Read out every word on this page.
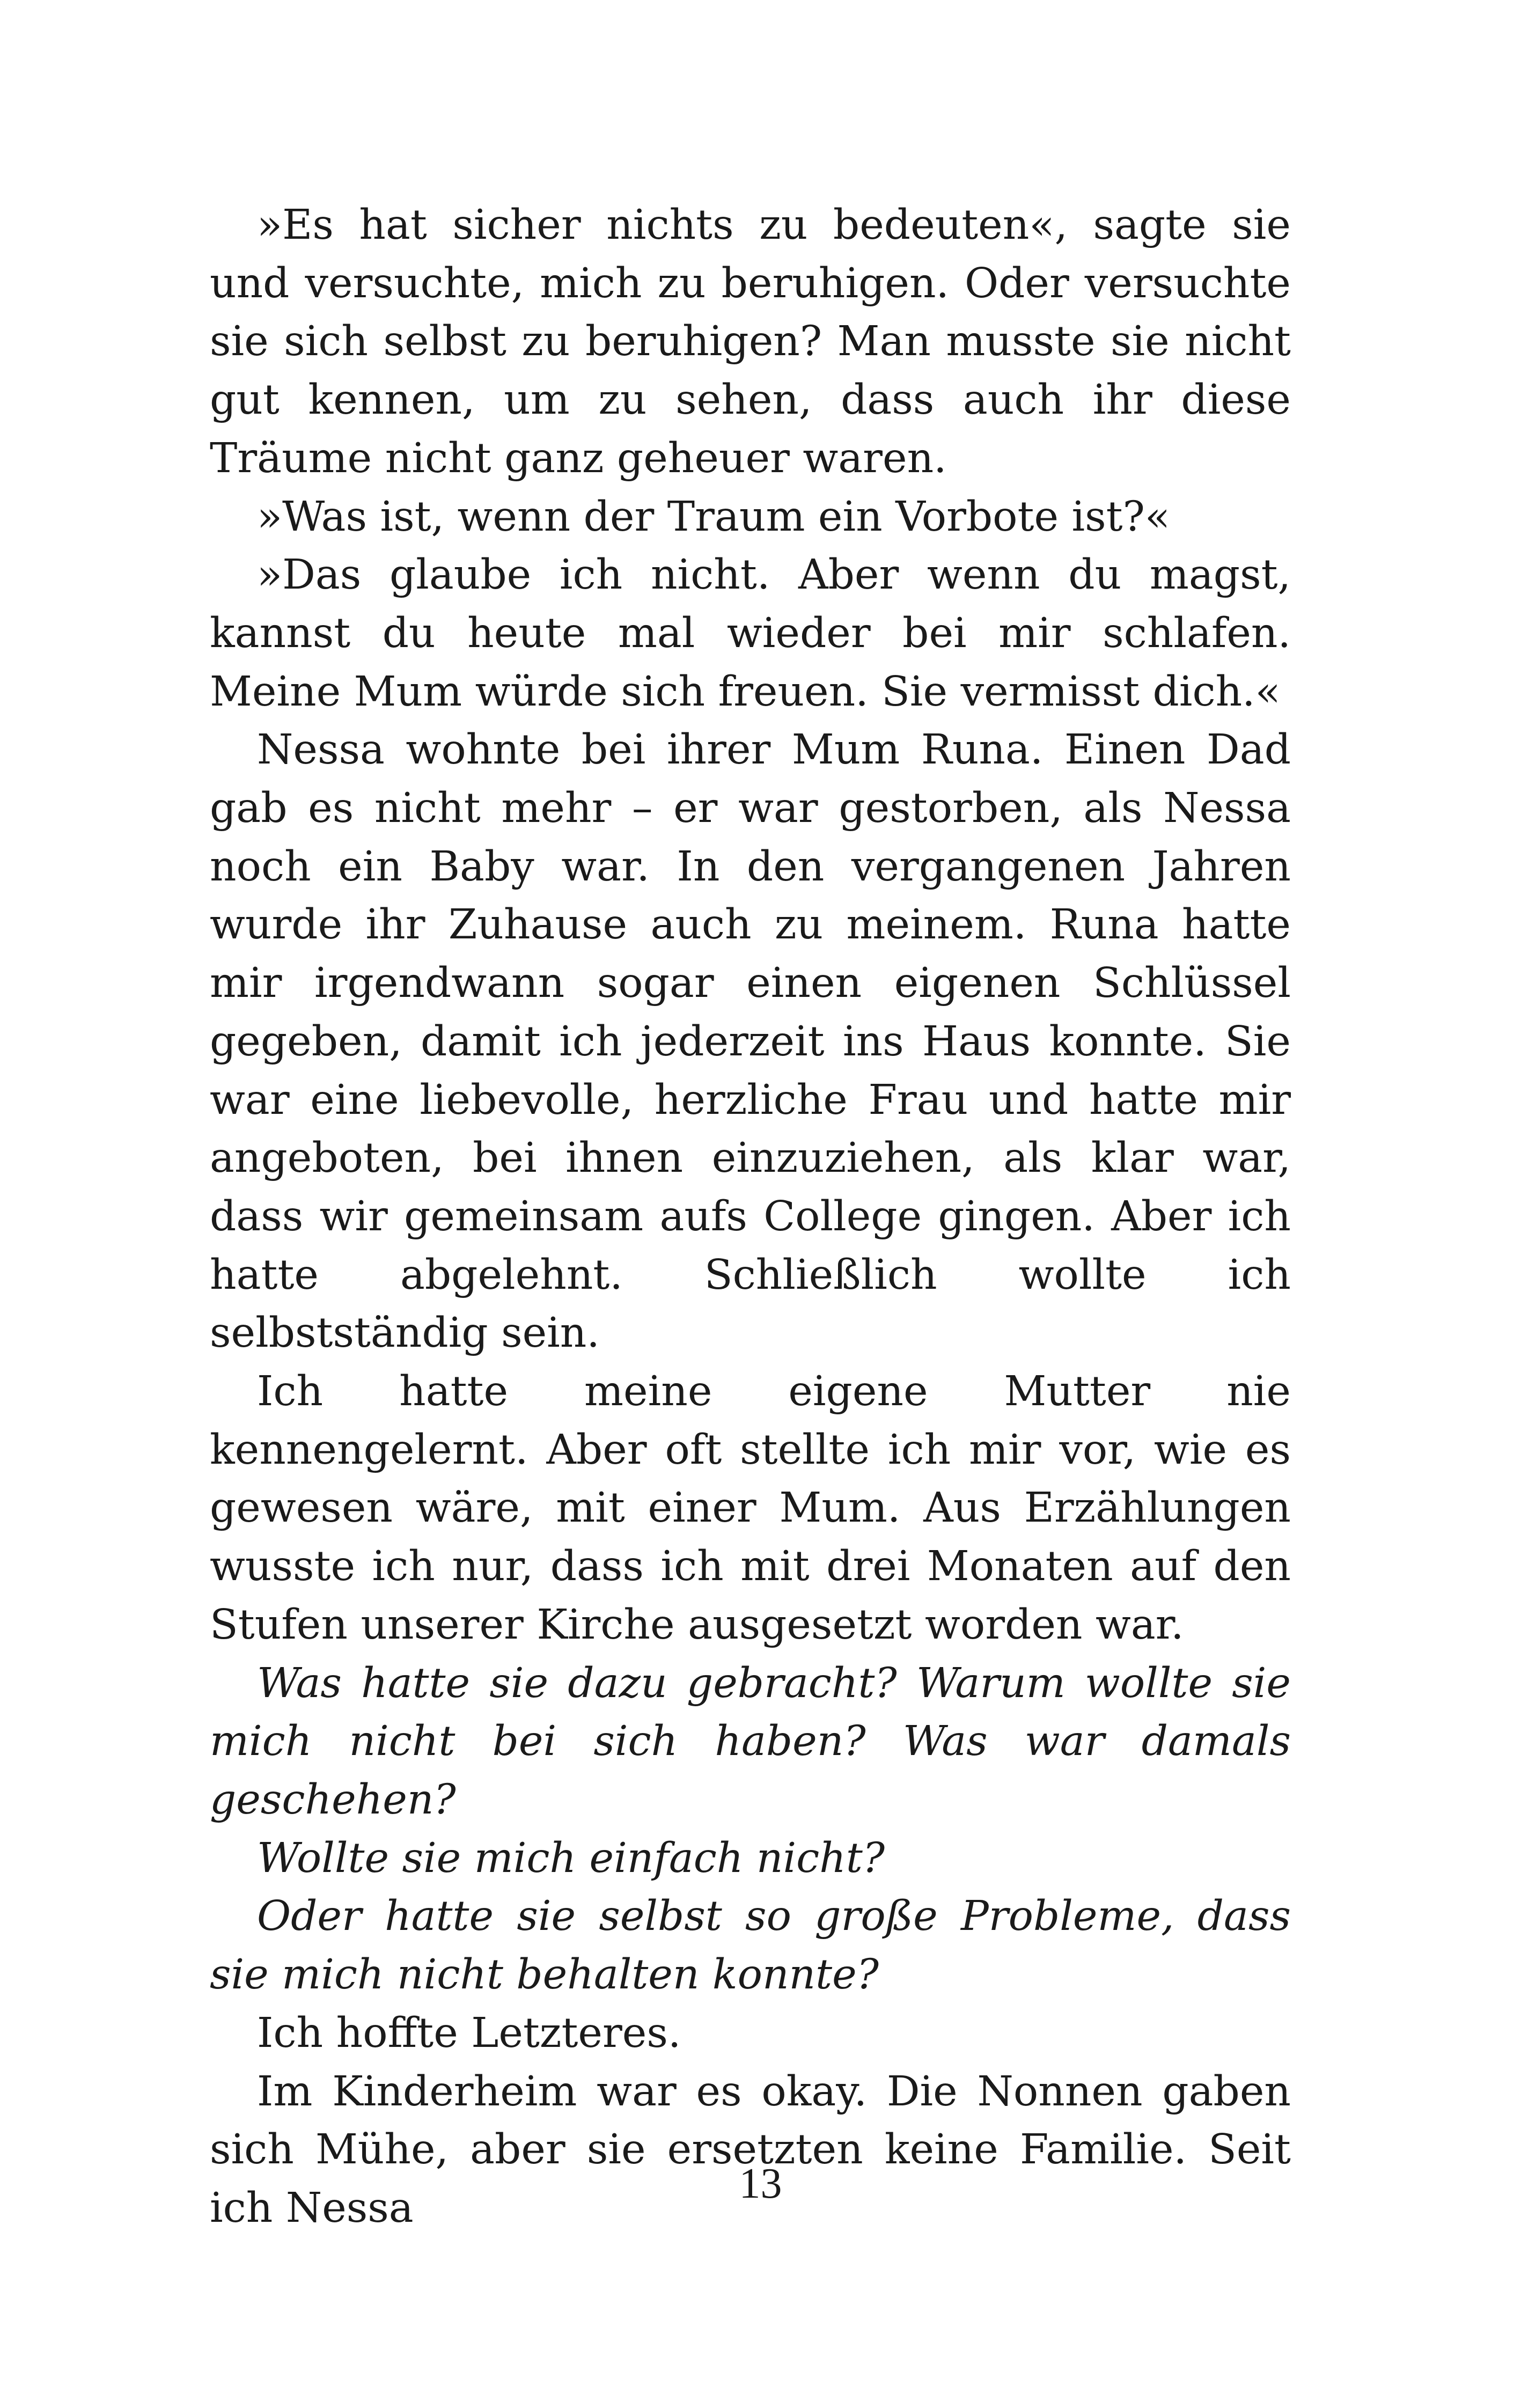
»Es hat sicher nichts zu bedeuten«, sagte sie und versuchte, mich zu beruhigen. Oder versuchte sie sich selbst zu beruhigen? Man musste sie nicht gut kennen, um zu sehen, dass auch ihr diese Träume nicht ganz geheuer waren.

»Was ist, wenn der Traum ein Vorbote ist?«

»Das glaube ich nicht. Aber wenn du magst, kannst du heute mal wieder bei mir schlafen. Meine Mum würde sich freuen. Sie vermisst dich.«

Nessa wohnte bei ihrer Mum Runa. Einen Dad gab es nicht mehr – er war gestorben, als Nessa noch ein Baby war. In den vergangenen Jahren wurde ihr Zuhause auch zu meinem. Runa hatte mir irgendwann sogar einen eigenen Schlüssel gegeben, damit ich jederzeit ins Haus konnte. Sie war eine liebevolle, herzliche Frau und hatte mir angeboten, bei ihnen einzuziehen, als klar war, dass wir gemeinsam aufs College gingen. Aber ich hatte abgelehnt. Schließlich wollte ich selbstständig sein.

Ich hatte meine eigene Mutter nie kennengelernt. Aber oft stellte ich mir vor, wie es gewesen wäre, mit einer Mum. Aus Erzählungen wusste ich nur, dass ich mit drei Monaten auf den Stufen unserer Kirche ausgesetzt worden war.

Was hatte sie dazu gebracht? Warum wollte sie mich nicht bei sich haben? Was war damals geschehen?

Wollte sie mich einfach nicht?

Oder hatte sie selbst so große Probleme, dass sie mich nicht behalten konnte?

Ich hoffte Letzteres.

Im Kinderheim war es okay. Die Nonnen gaben sich Mühe, aber sie ersetzten keine Familie. Seit ich Nessa

13
